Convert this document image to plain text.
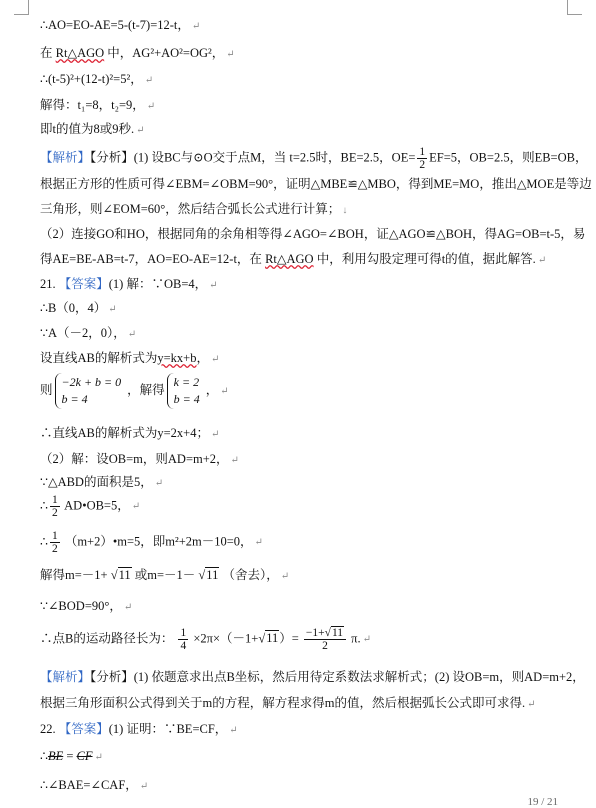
∴AO=EO-AE=5-(t-7)=12-t， ↵
在 Rt△AGO 中，AG²+AO²=OG²， ↵
∴(t-5)²+(12-t)²=5²， ↵
解得：t₁=8，t₂=9， ↵
即t的值为8或9秒. ↵
【解析】【分析】(1) 设BC与⊙O交于点M，当 t=2.5时，BE=2.5，$OE= \frac{1}{2} EF=5$，OB=2.5，则EB=OB，
根据正方形的性质可得∠EBM=∠OBM=90°，证明△MBE≌△MBO，得到ME=MO，推出△MOE是等边
三角形，则∠EOM=60°，然后结合弧长公式进行计算； ↓
（2）连接GO和HO，根据同角的余角相等得∠AGO=∠BOH，证△AGO≌△BOH，得AG=OB=t-5，易
得AE=BE-AB=t-7，AO=EO-AE=12-t，在 Rt△AGO 中，利用勾股定理可得t的值，据此解答. ↵
21. 【答案】(1) 解：∵OB=4， ↵
∴B（0，4） ↵
∵A（－2，0）， ↵
设直线AB的解析式为y=kx+b， ↵
则
−2k + b = 0
b = 4
，解得
k = 2
b = 4
， ↵
∴直线AB的解析式为y=2x+4； ↵
（2）解：设OB=m，则AD=m+2， ↵
∵△ABD的面积是5， ↵
∴ $\frac{1}{2}$ AD•OB=5， ↵
∴ $\frac{1}{2}$ （m+2）•m=5，即m²+2m－10=0， ↵
解得m=－1+ √11 或m=－1－ √11 （舍去）， ↵
∵∠BOD=90°， ↵
∴点B的运动路径长为： $\frac{1}{4} \times 2\pi\times(-1+√11)= \frac{-1+√11}{2} \pi$. ↵
【解析】【分析】(1) 依题意求出点B坐标，然后用待定系数法求解析式；(2) 设OB=m，则AD=m+2，
根据三角形面积公式得到关于m的方程，解方程求得m的值，然后根据弧长公式即可求得. ↵
22. 【答案】(1) 证明：∵BE=CF， ↵
∴BE = CF ↵
∴∠BAE=∠CAF， ↵
19 / 21
